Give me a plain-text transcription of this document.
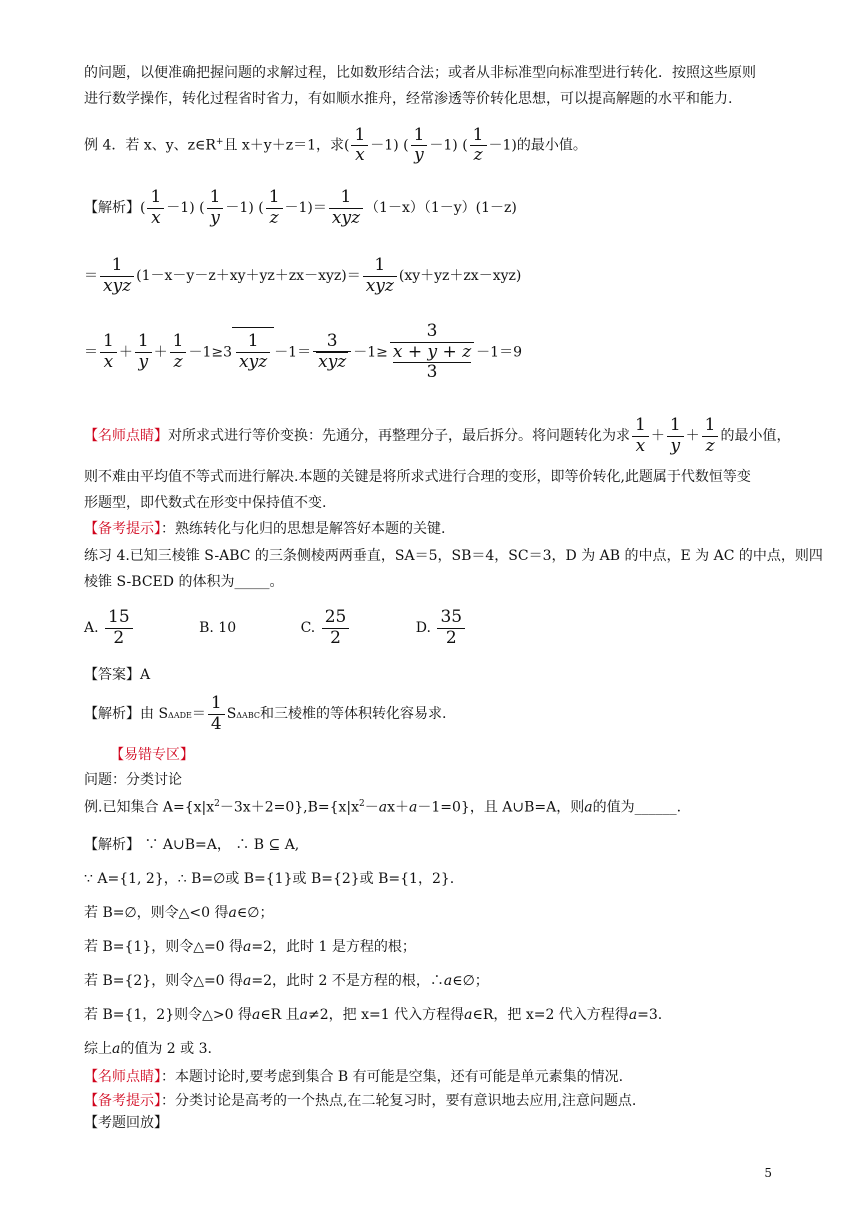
的问题，以便准确把握问题的求解过程，比如数形结合法；或者从非标准型向标准型进行转化．按照这些原则
进行数学操作，转化过程省时省力，有如顺水推舟，经常渗透等价转化思想，可以提高解题的水平和能力.
例 4．若 x、y、z∈R+且 x＋y＋z＝1，求( $\frac{1}{x} -1$) ( $\frac{1}{y} -1$) ( $\frac{1}{z} -1$)的最小值。
【解析】( $\frac{1}{x} -1$) ( $\frac{1}{y} -1$) ( $\frac{1}{z} -1)= \frac{1}{\text{xyz}} (1-x)(1-y)(1-z)$
＝ $\frac{1}{\text{xyz}} (1-x-y-z+xy+yz+zx-xyz)= \frac{1}{\text{xyz}} (xy+yz+zx-xyz)$
＝ $\frac{1}{x} + \frac{1}{y} + \frac{1}{z} -1\ge 3 \frac{1}{\text{xyz}} -1= \frac{3}{\text{xyz}} -1\ge 3$
x + y + z
3 －1＝9
【名师点睛】对所求式进行等价变换：先通分，再整理分子，最后拆分。将问题转化为求 $\frac{1}{x} + \frac{1}{y} + \frac{1}{z}$ 的最小值，
则不难由平均值不等式而进行解决.本题的关键是将所求式进行合理的变形，即等价转化,此题属于代数恒等变
形题型，即代数式在形变中保持值不变.
【备考提示】：熟练转化与化归的思想是解答好本题的关键.
练习 4.已知三棱锥 S-ABC 的三条侧棱两两垂直，SA＝5，SB＝4，SC＝3，D 为 AB 的中点，E 为 AC 的中点，则四
棱锥 S-BCED 的体积为_____。
A. $\frac{15}{2}$	B. 10	C. $\frac{25}{2}$	D. $\frac{35}{2}$
【答案】A
【解析】由 $S\Delta ADE= \frac{1}{4}$ SΔABC和三棱椎的等体积转化容易求.
【易错专区】
问题：分类讨论
例.已知集合 $A=\{x|x^2-3x+2=0\},B=\{x|x^2-ax+a-1=0\}$，且 A∪B=A，则a的值为______.
【解析】 ∵ A∪B=A， ∴ B ⊆ A,
∵ A={1, 2}，∴ B=∅或 B={1}或 B={2}或 B={1，2}.
若 B=∅，则令△<0 得a∈∅；
若 B={1}，则令△=0 得a=2，此时 1 是方程的根；
若 B={2}，则令△=0 得a=2，此时 2 不是方程的根，∴a∈∅；
若 B={1，2}则令△>0 得a∈R 且a≠2，把 x=1 代入方程得a∈R，把 x=2 代入方程得a=3.
综上a的值为 2 或 3.
【名师点睛】：本题讨论时,要考虑到集合 B 有可能是空集，还有可能是单元素集的情况.
【备考提示】：分类讨论是高考的一个热点,在二轮复习时，要有意识地去应用,注意问题点.
【考题回放】
5
